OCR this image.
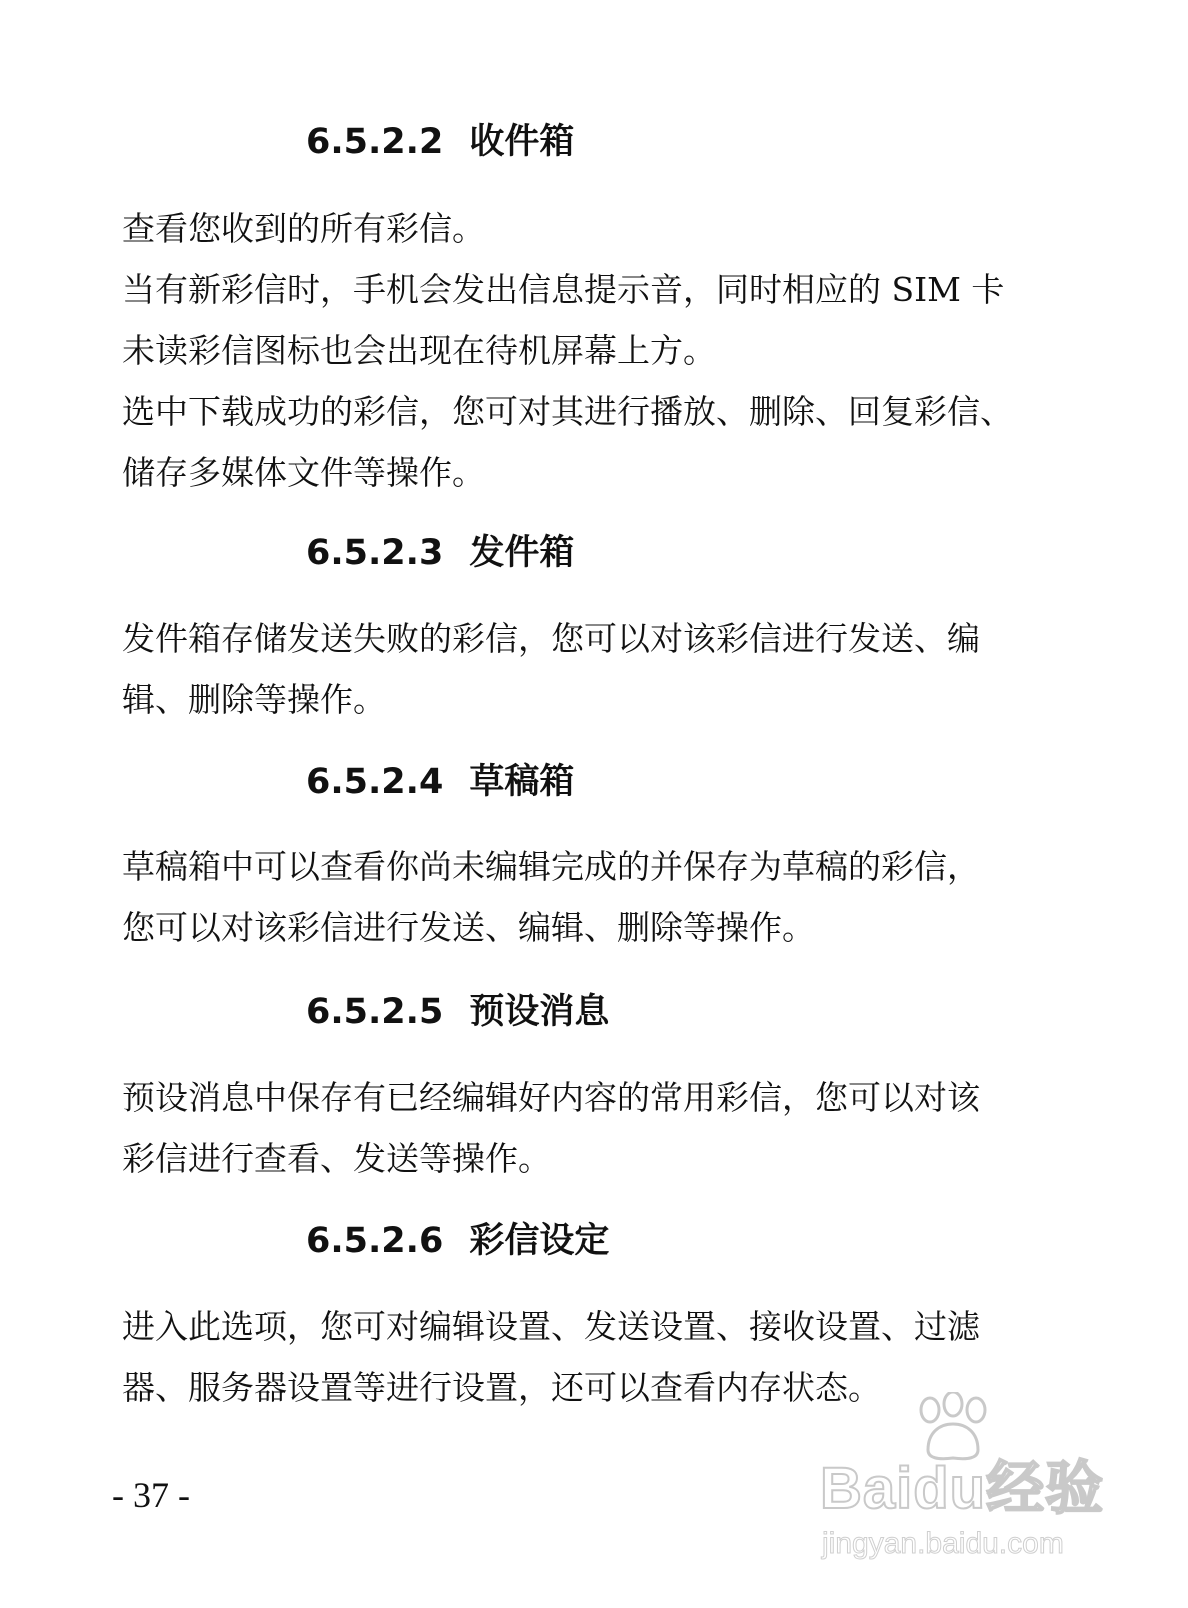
6.5.2.2 收件箱

查看您收到的所有彩信。

当有新彩信时，手机会发出信息提示音，同时相应的 SIM 卡
未读彩信图标也会出现在待机屏幕上方。

选中下载成功的彩信，您可对其进行播放、删除、回复彩信、
储存多媒体文件等操作。

6.5.2.3 发件箱

发件箱存储发送失败的彩信，您可以对该彩信进行发送、编
辑、删除等操作。

6.5.2.4 草稿箱

草稿箱中可以查看你尚未编辑完成的并保存为草稿的彩信，
您可以对该彩信进行发送、编辑、删除等操作。

6.5.2.5 预设消息

预设消息中保存有已经编辑好内容的常用彩信，您可以对该
彩信进行查看、发送等操作。

6.5.2.6 彩信设定

进入此选项，您可对编辑设置、发送设置、接收设置、过滤
器、服务器设置等进行设置，还可以查看内存状态。

- 37 -	Baidu经验
jingyan.baidu.com
